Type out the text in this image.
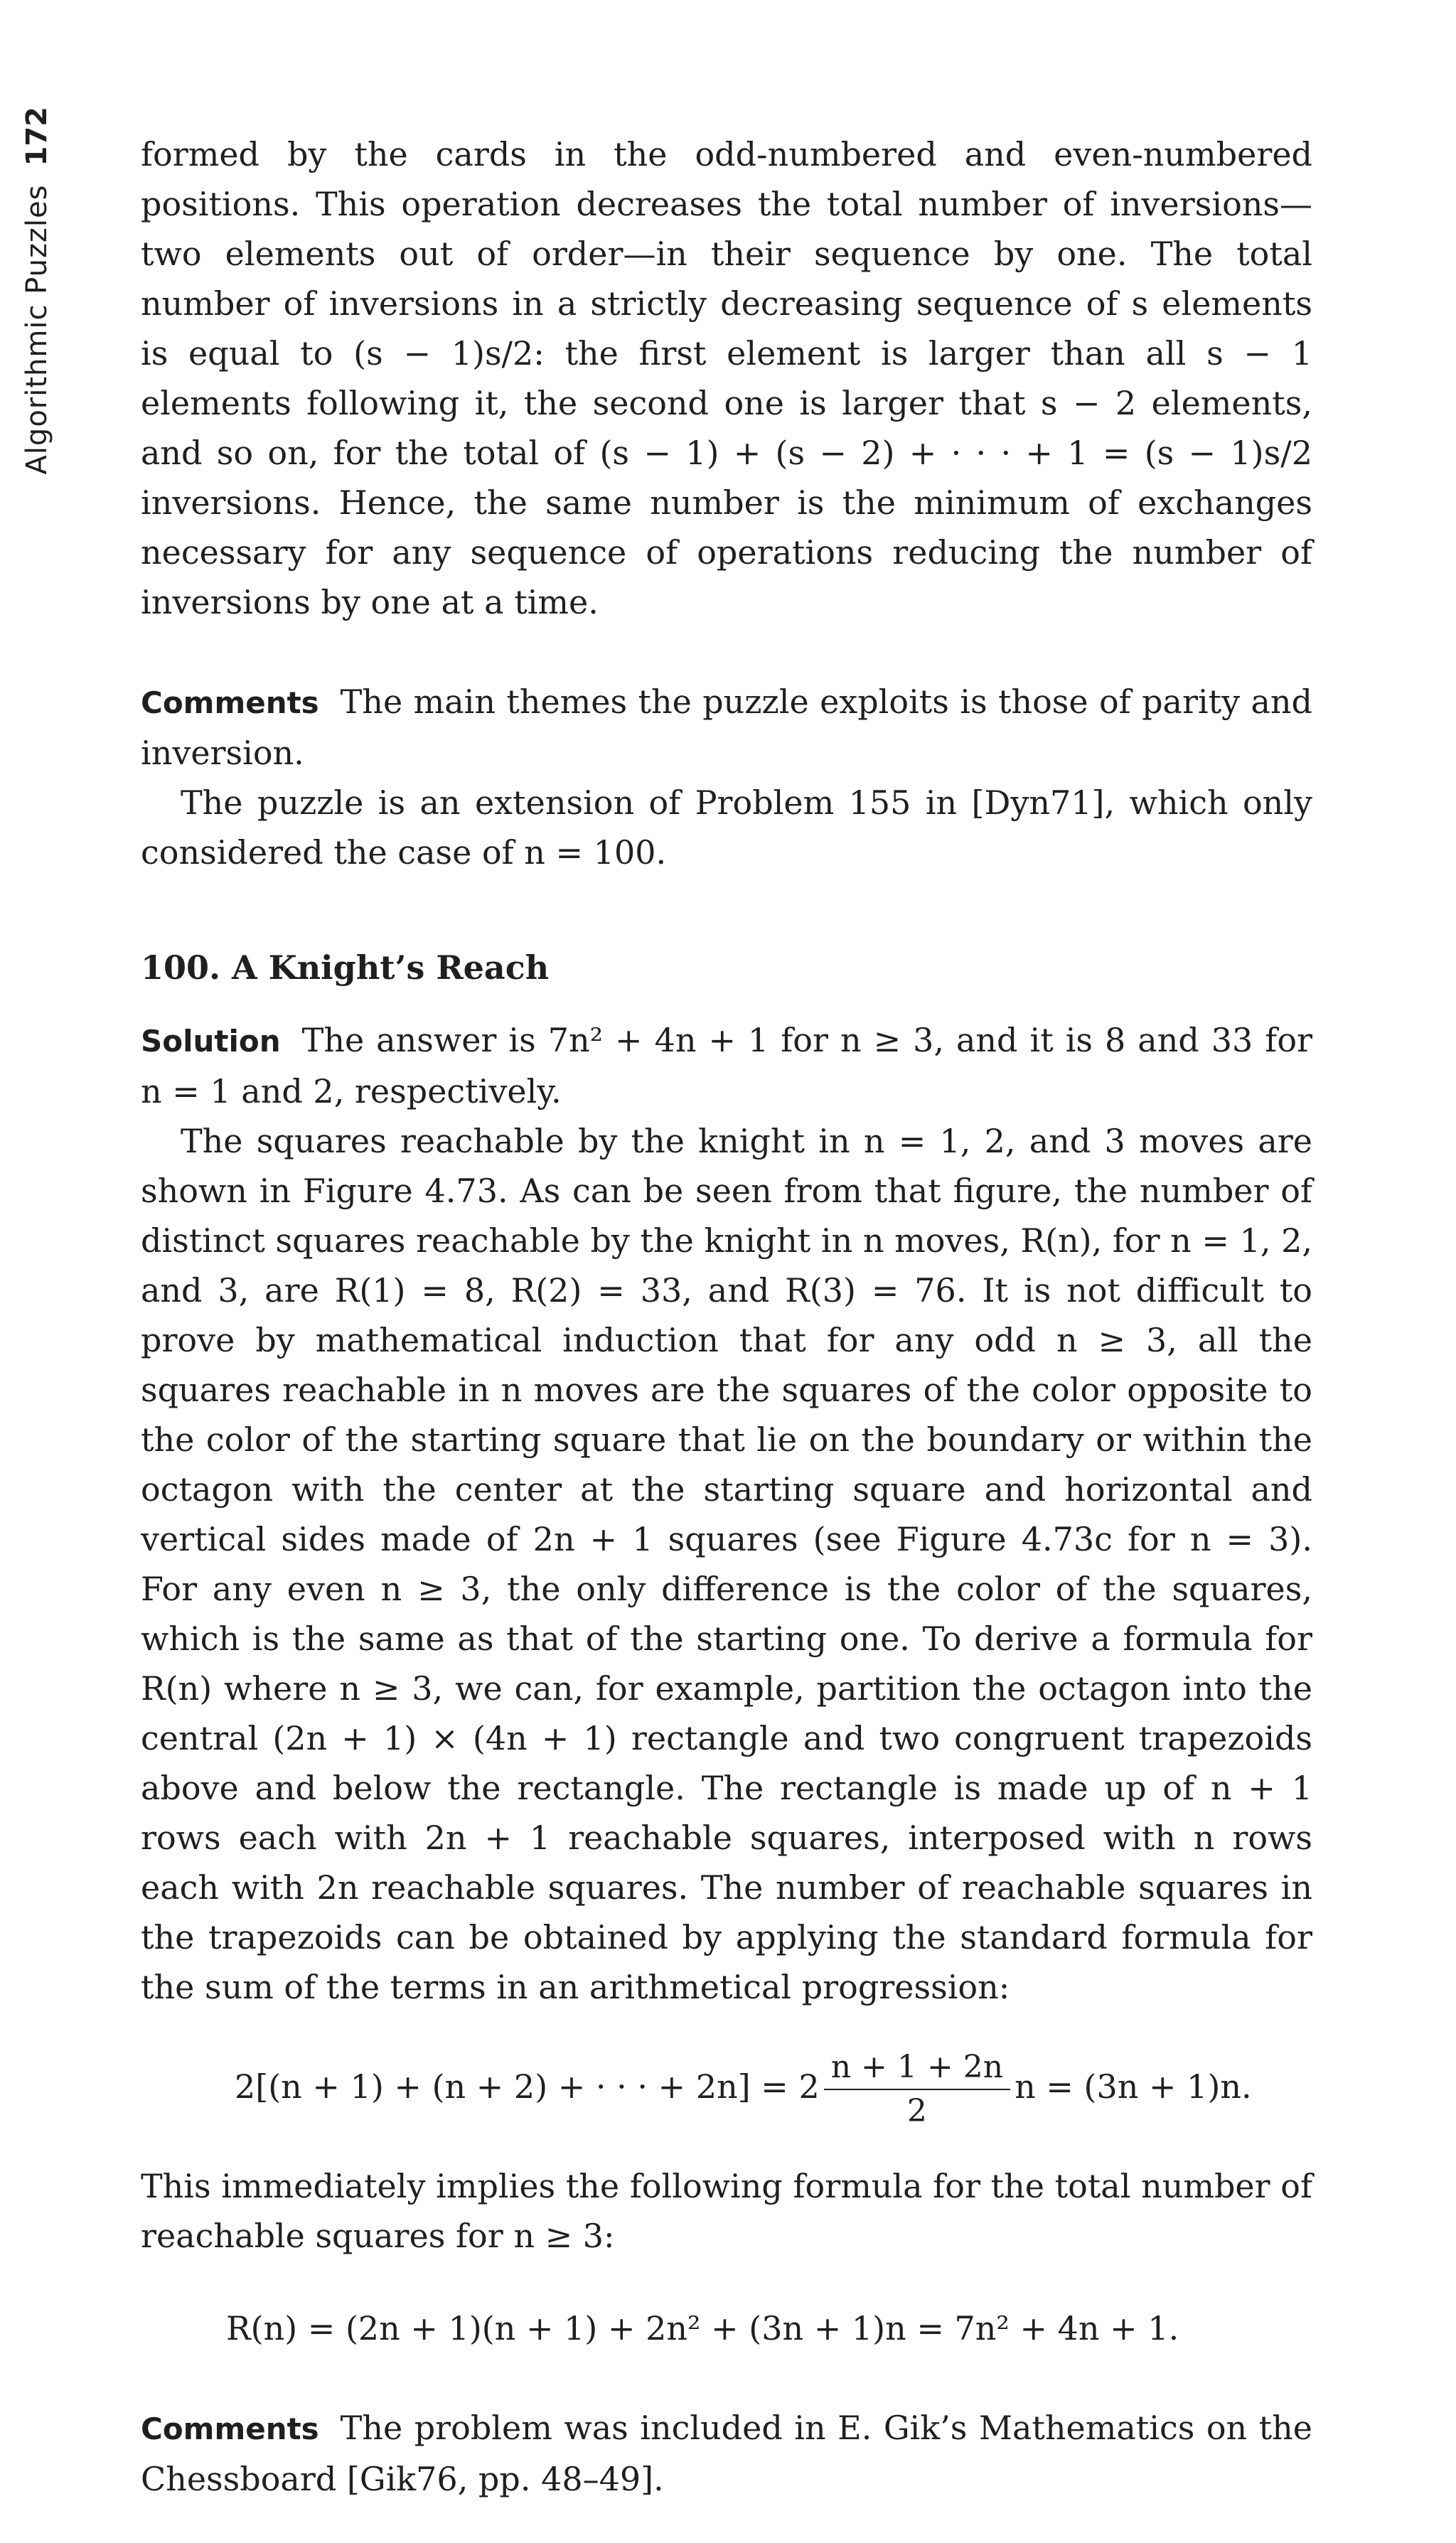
Algorithmic Puzzles
172	formed by the cards in the odd-numbered and even-numbered positions. This operation decreases the total number of inversions—two elements out of order—in their sequence by one. The total number of inversions in a strictly decreasing sequence of s elements is equal to (s − 1)s/2: the first element is larger than all s − 1 elements following it, the second one is larger that s − 2 elements, and so on, for the total of (s − 1) + (s − 2) + · · · + 1 = (s − 1)s/2 inversions. Hence, the same number is the minimum of exchanges necessary for any sequence of operations reducing the number of inversions by one at a time.

Comments The main themes the puzzle exploits is those of parity and inversion.

The puzzle is an extension of Problem 155 in [Dyn71], which only considered the case of n = 100.

100. A Knight’s Reach

Solution The answer is 7n² + 4n + 1 for n ≥ 3, and it is 8 and 33 for n = 1 and 2, respectively.

The squares reachable by the knight in n = 1, 2, and 3 moves are shown in Figure 4.73. As can be seen from that figure, the number of distinct squares reachable by the knight in n moves, R(n), for n = 1, 2, and 3, are R(1) = 8, R(2) = 33, and R(3) = 76. It is not difficult to prove by mathematical induction that for any odd n ≥ 3, all the squares reachable in n moves are the squares of the color opposite to the color of the starting square that lie on the boundary or within the octagon with the center at the starting square and horizontal and vertical sides made of 2n + 1 squares (see Figure 4.73c for n = 3). For any even n ≥ 3, the only difference is the color of the squares, which is the same as that of the starting one. To derive a formula for R(n) where n ≥ 3, we can, for example, partition the octagon into the central (2n + 1) × (4n + 1) rectangle and two congruent trapezoids above and below the rectangle. The rectangle is made up of n + 1 rows each with 2n + 1 reachable squares, interposed with n rows each with 2n reachable squares. The number of reachable squares in the trapezoids can be obtained by applying the standard formula for the sum of the terms in an arithmetical progression:

2[(n + 1) + (n + 2) + · · · + $2n] = 2 \frac{n + 1 + 2n}{2}$ n = (3n + 1)n.

This immediately implies the following formula for the total number of reachable squares for n ≥ 3:

R(n) = (2n + 1)(n + 1) + 2n² + (3n + 1)n = 7n² + 4n + 1.

Comments The problem was included in E. Gik’s Mathematics on the Chessboard [Gik76, pp. 48–49].
